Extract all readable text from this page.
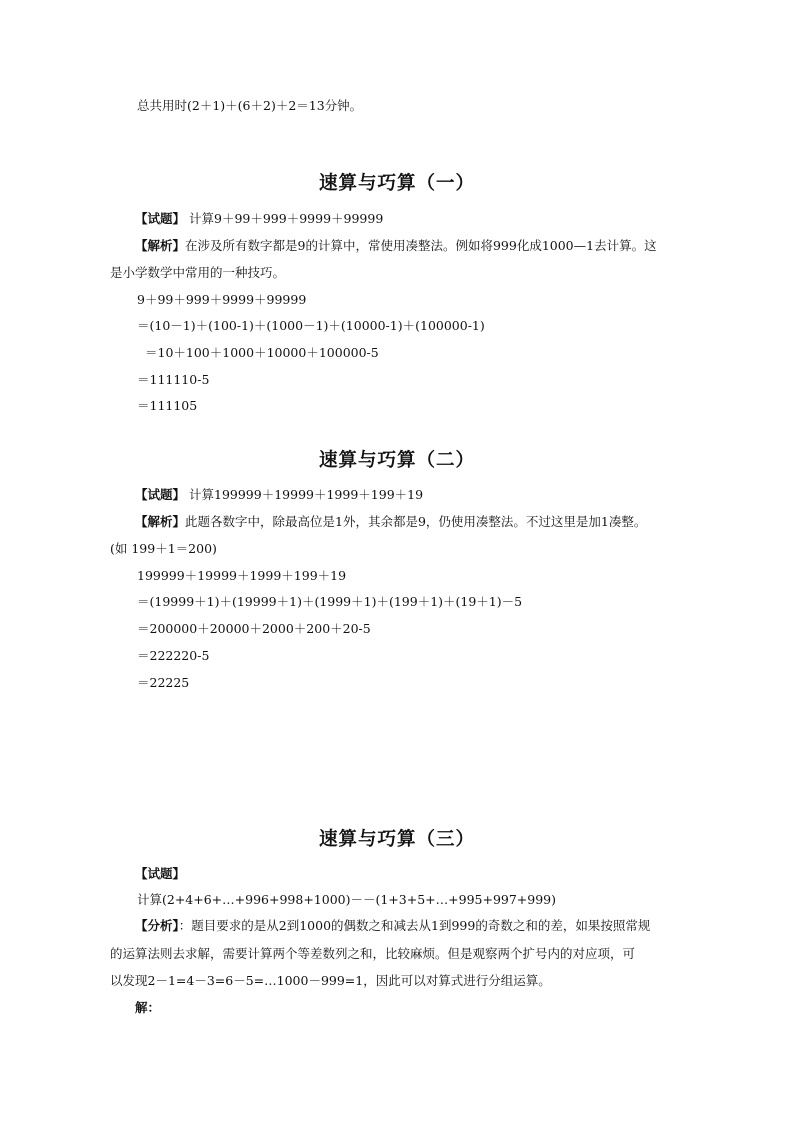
总共用时(2＋1)＋(6＋2)＋2＝13分钟。
速算与巧算（一）
【试题】 计算9＋99＋999＋9999＋99999
【解析】在涉及所有数字都是9的计算中，常使用凑整法。例如将999化成1000—1去计算。这
是小学数学中常用的一种技巧。
9＋99＋999＋9999＋99999
＝(10－1)＋(100-1)＋(1000－1)＋(10000-1)＋(100000-1)
＝10＋100＋1000＋10000＋100000-5
＝111110-5
＝111105
速算与巧算（二）
【试题】 计算199999＋19999＋1999＋199＋19
【解析】此题各数字中，除最高位是1外，其余都是9，仍使用凑整法。不过这里是加1凑整。
(如 199＋1＝200)
199999＋19999＋1999＋199＋19
＝(19999＋1)＋(19999＋1)＋(1999＋1)＋(199＋1)＋(19＋1)－5
＝200000＋20000＋2000＋200＋20-5
＝222220-5
＝22225
速算与巧算（三）
【试题】
计算(2+4+6+…+996+998+1000)－－(1+3+5+…+995+997+999)
【分析】：题目要求的是从2到1000的偶数之和减去从1到999的奇数之和的差，如果按照常规
的运算法则去求解，需要计算两个等差数列之和，比较麻烦。但是观察两个扩号内的对应项，可
以发现2－1=4－3=6－5=…1000－999=1，因此可以对算式进行分组运算。
解：
